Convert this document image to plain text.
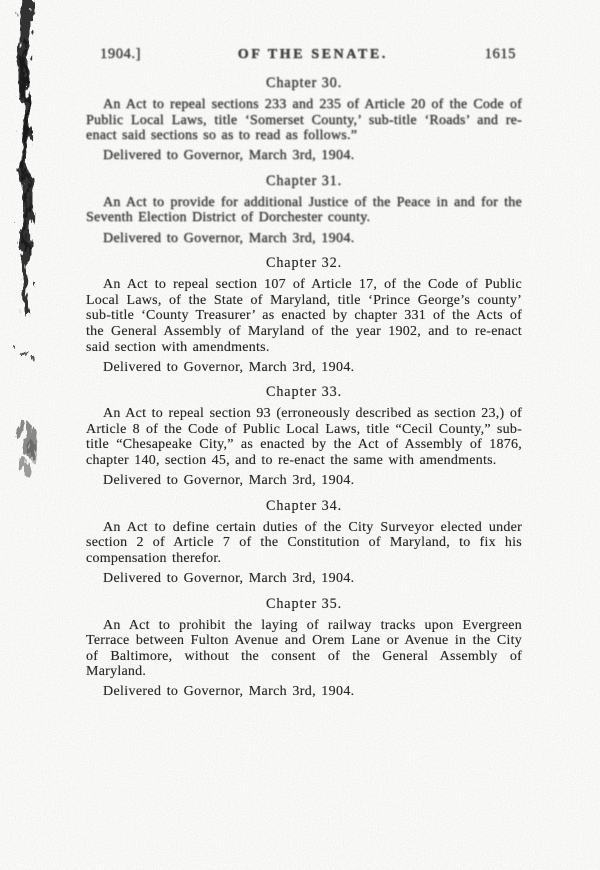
1904.]	OF THE SENATE.	1615
Chapter 30.

An Act to repeal sections 233 and 235 of Article 20 of the Code of Public Local Laws, title ‘Somerset County,’ sub-title ‘Roads’ and re-enact said sections so as to read as follows.”

Delivered to Governor, March 3rd, 1904.

Chapter 31.

An Act to provide for additional Justice of the Peace in and for the Seventh Election District of Dorchester county.

Delivered to Governor, March 3rd, 1904.

Chapter 32.

An Act to repeal section 107 of Article 17, of the Code of Public Local Laws, of the State of Maryland, title ‘Prince George’s county’ sub-title ‘County Treasurer’ as enacted by chapter 331 of the Acts of the General Assembly of Maryland of the year 1902, and to re-enact said section with amendments.

Delivered to Governor, March 3rd, 1904.

Chapter 33.

An Act to repeal section 93 (erroneously described as section 23,) of Article 8 of the Code of Public Local Laws, title “Cecil County,” sub-title “Chesapeake City,” as enacted by the Act of Assembly of 1876, chapter 140, section 45, and to re-enact the same with amendments.

Delivered to Governor, March 3rd, 1904.

Chapter 34.

An Act to define certain duties of the City Surveyor elected under section 2 of Article 7 of the Constitution of Maryland, to fix his compensation therefor.

Delivered to Governor, March 3rd, 1904.

Chapter 35.

An Act to prohibit the laying of railway tracks upon Evergreen Terrace between Fulton Avenue and Orem Lane or Avenue in the City of Baltimore, without the consent of the General Assembly of Maryland.

Delivered to Governor, March 3rd, 1904.
